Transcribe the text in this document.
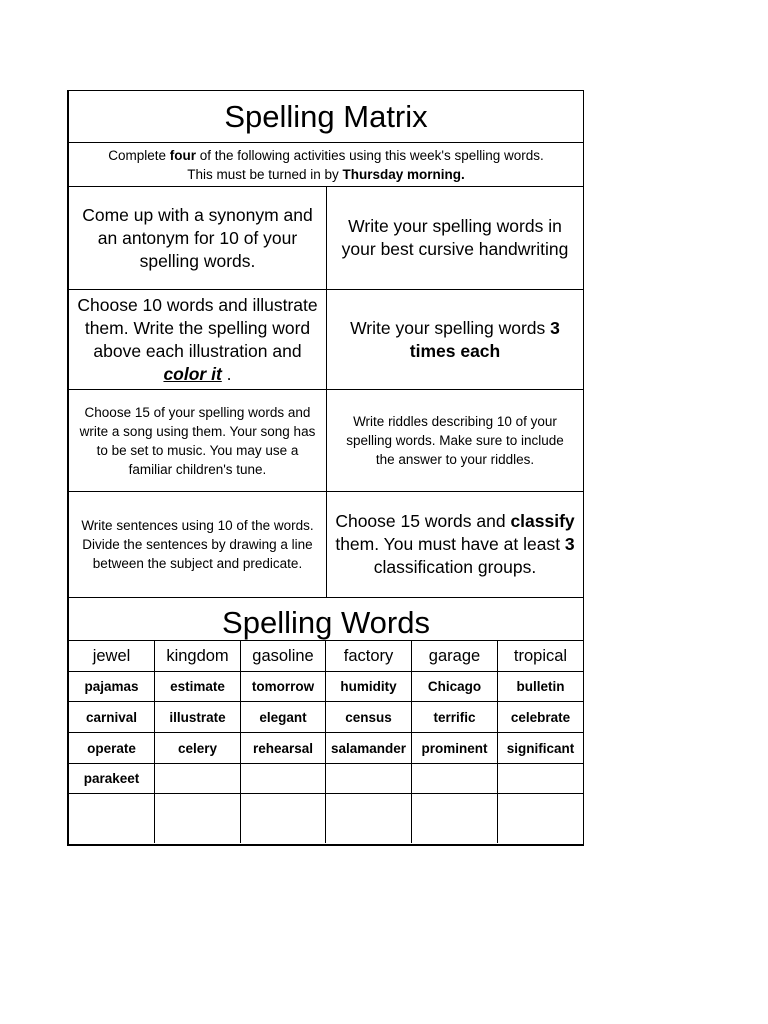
Spelling Matrix
Complete four of the following activities using this week's spelling words.
This must be turned in by Thursday morning.
Come up with a synonym and an antonym for 10 of your spelling words.
Write your spelling words in your best cursive handwriting
Choose 10 words and illustrate them. Write the spelling word above each illustration and color it .
Write your spelling words 3 times each
Choose 15 of your spelling words and write a song using them. Your song has to be set to music. You may use a familiar children's tune.
Write riddles describing 10 of your spelling words. Make sure to include the answer to your riddles.
Write sentences using 10 of the words. Divide the sentences by drawing a line between the subject and predicate.
Choose 15 words and classify them. You must have at least 3 classification groups.
Spelling Words
jewel	kingdom	gasoline	factory	garage	tropical
pajamas	estimate	tomorrow	humidity	Chicago	bulletin
carnival	illustrate	elegant	census	terrific	celebrate
operate	celery	rehearsal	salamander	prominent	significant
parakeet
